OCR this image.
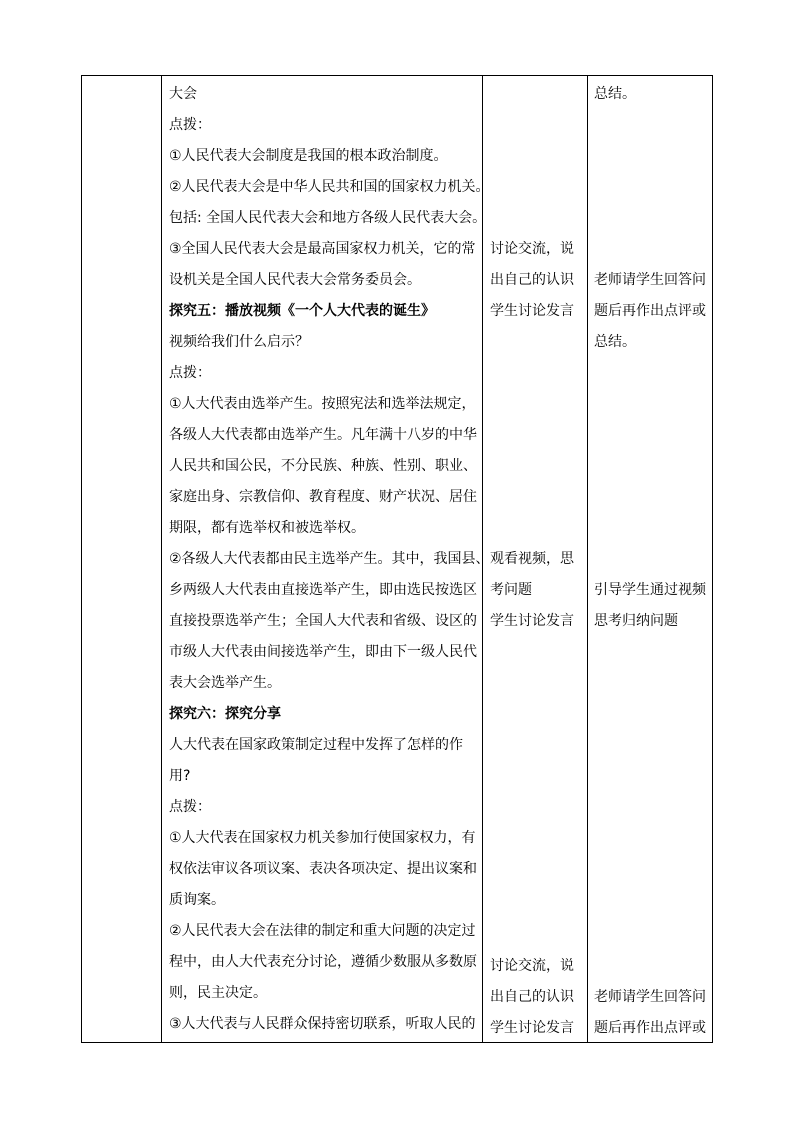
大会
点拨：
①人民代表大会制度是我国的根本政治制度。
②人民代表大会是中华人民共和国的国家权力机关。
包括: 全国人民代表大会和地方各级人民代表大会。
③全国人民代表大会是最高国家权力机关，它的常
设机关是全国人民代表大会常务委员会。
探究五：播放视频《一个人大代表的诞生》
视频给我们什么启示？
点拨：
①人大代表由选举产生。按照宪法和选举法规定，
各级人大代表都由选举产生。凡年满十八岁的中华
人民共和国公民，不分民族、种族、性别、职业、
家庭出身、宗教信仰、教育程度、财产状况、居住
期限，都有选举权和被选举权。
②各级人大代表都由民主选举产生。其中，我国县、
乡两级人大代表由直接选举产生，即由选民按选区
直接投票选举产生；全国人大代表和省级、设区的
市级人大代表由间接选举产生，即由下一级人民代
表大会选举产生。
探究六：探究分享
人大代表在国家政策制定过程中发挥了怎样的作
用?
点拨：
①人大代表在国家权力机关参加行使国家权力，有
权依法审议各项议案、表决各项决定、提出议案和
质询案。
②人民代表大会在法律的制定和重大问题的决定过
程中，由人大代表充分讨论，遵循少数服从多数原
则，民主决定。
③人大代表与人民群众保持密切联系，听取人民的
讨论交流，说
出自己的认识
学生讨论发言
观看视频，思
考问题
学生讨论发言
讨论交流，说
出自己的认识
学生讨论发言
总结。
老师请学生回答问
题后再作出点评或
总结。
引导学生通过视频
思考归纳问题
老师请学生回答问
题后再作出点评或
